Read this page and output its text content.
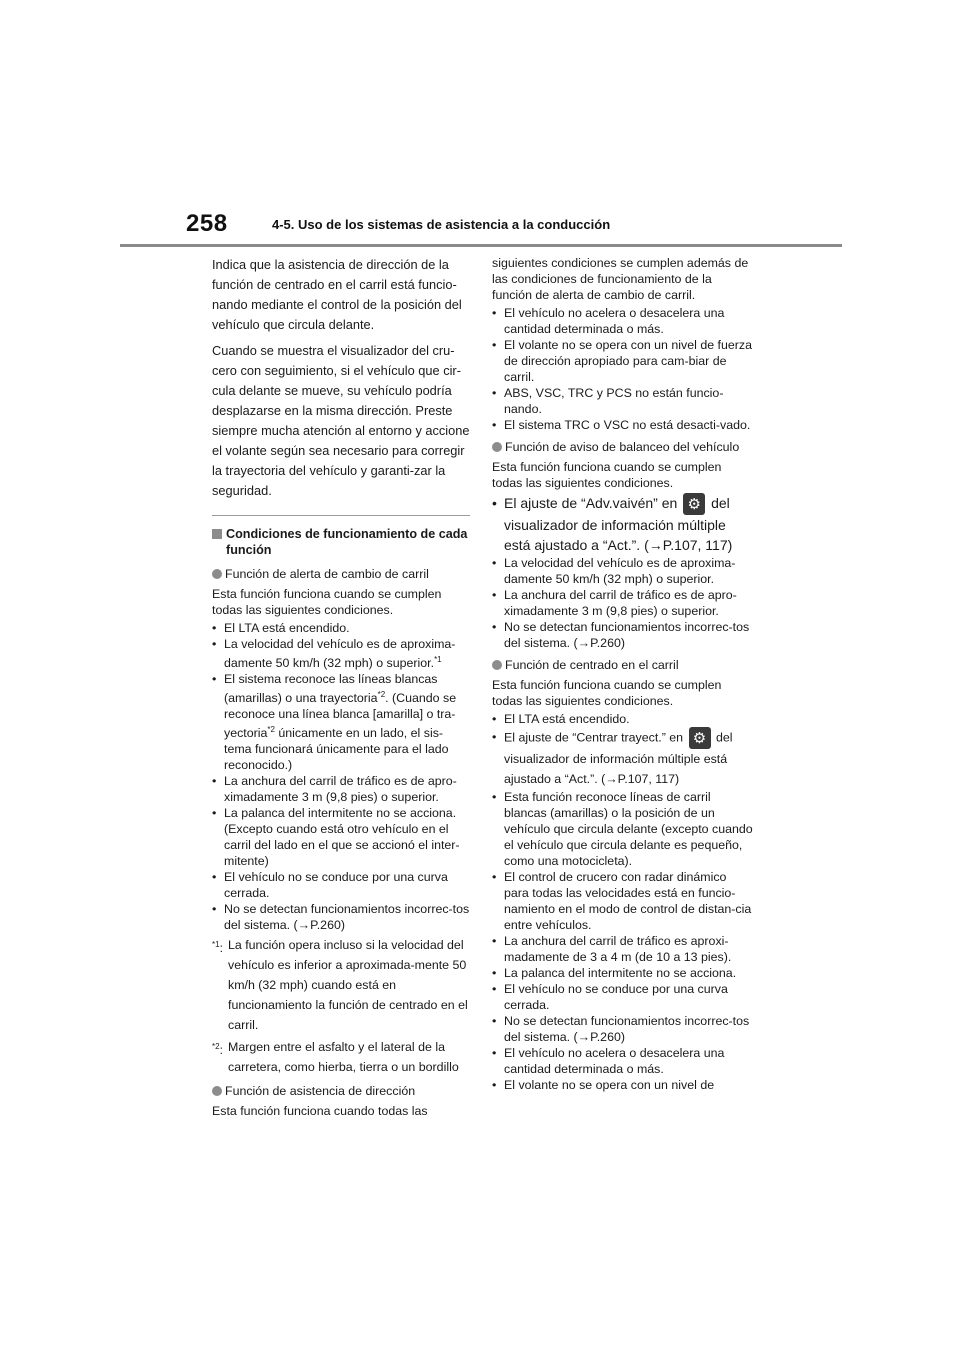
258	4-5. Uso de los sistemas de asistencia a la conducción

Indica que la asistencia de dirección de la función de centrado en el carril está funcio-nando mediante el control de la posición del vehículo que circula delante.

Cuando se muestra el visualizador del cru-cero con seguimiento, si el vehículo que cir-cula delante se mueve, su vehículo podría desplazarse en la misma dirección. Preste siempre mucha atención al entorno y accione el volante según sea necesario para corregir la trayectoria del vehículo y garanti-zar la seguridad.

Condiciones de funcionamiento de cada función
Función de alerta de cambio de carril

Esta función funciona cuando se cumplen todas las siguientes condiciones.

• El LTA está encendido.
• La velocidad del vehículo es de aproxima-damente 50 km/h (32 mph) o superior.$^{*1}$
• El sistema reconoce las líneas blancas (amarillas) o una trayectoria$^{*2}$. (Cuando se reconoce una línea blanca [amarilla] o tra-yectoria$^{*2}$ únicamente en un lado, el sis-tema funcionará únicamente para el lado reconocido.)
• La anchura del carril de tráfico es de apro-ximadamente 3 m (9,8 pies) o superior.
• La palanca del intermitente no se acciona. (Excepto cuando está otro vehículo en el carril del lado en el que se accionó el inter-mitente)
• El vehículo no se conduce por una curva cerrada.
• No se detectan funcionamientos incorrec-tos del sistema. (→P.260)
$^{*1}$: La función opera incluso si la velocidad del vehículo es inferior a aproximada-mente 50 km/h (32 mph) cuando está en funcionamiento la función de centrado en el carril.
$^{*2}$: Margen entre el asfalto y el lateral de la carretera, como hierba, tierra o un bordillo
Función de asistencia de dirección

Esta función funciona cuando todas las

siguientes condiciones se cumplen además de las condiciones de funcionamiento de la función de alerta de cambio de carril.

• El vehículo no acelera o desacelera una cantidad determinada o más.
• El volante no se opera con un nivel de fuerza de dirección apropiado para cam-biar de carril.
• ABS, VSC, TRC y PCS no están funcio-nando.
• El sistema TRC o VSC no está desacti-vado.
Función de aviso de balanceo del vehículo

Esta función funciona cuando se cumplen todas las siguientes condiciones.

• El ajuste de “Adv.vaivén” en ⚙ del visualizador de información múltiple está ajustado a “Act.”. (→P.107, 117)
• La velocidad del vehículo es de aproxima-damente 50 km/h (32 mph) o superior.
• La anchura del carril de tráfico es de apro-ximadamente 3 m (9,8 pies) o superior.
• No se detectan funcionamientos incorrec-tos del sistema. (→P.260)
Función de centrado en el carril

Esta función funciona cuando se cumplen todas las siguientes condiciones.

• El LTA está encendido.
• El ajuste de “Centrar trayect.” en ⚙ del visualizador de información múltiple está ajustado a “Act.”. (→P.107, 117)
• Esta función reconoce líneas de carril blancas (amarillas) o la posición de un vehículo que circula delante (excepto cuando el vehículo que circula delante es pequeño, como una motocicleta).
• El control de crucero con radar dinámico para todas las velocidades está en funcio-namiento en el modo de control de distan-cia entre vehículos.
• La anchura del carril de tráfico es aproxi-madamente de 3 a 4 m (de 10 a 13 pies).
• La palanca del intermitente no se acciona.
• El vehículo no se conduce por una curva cerrada.
• No se detectan funcionamientos incorrec-tos del sistema. (→P.260)
• El vehículo no acelera o desacelera una cantidad determinada o más.
• El volante no se opera con un nivel de
